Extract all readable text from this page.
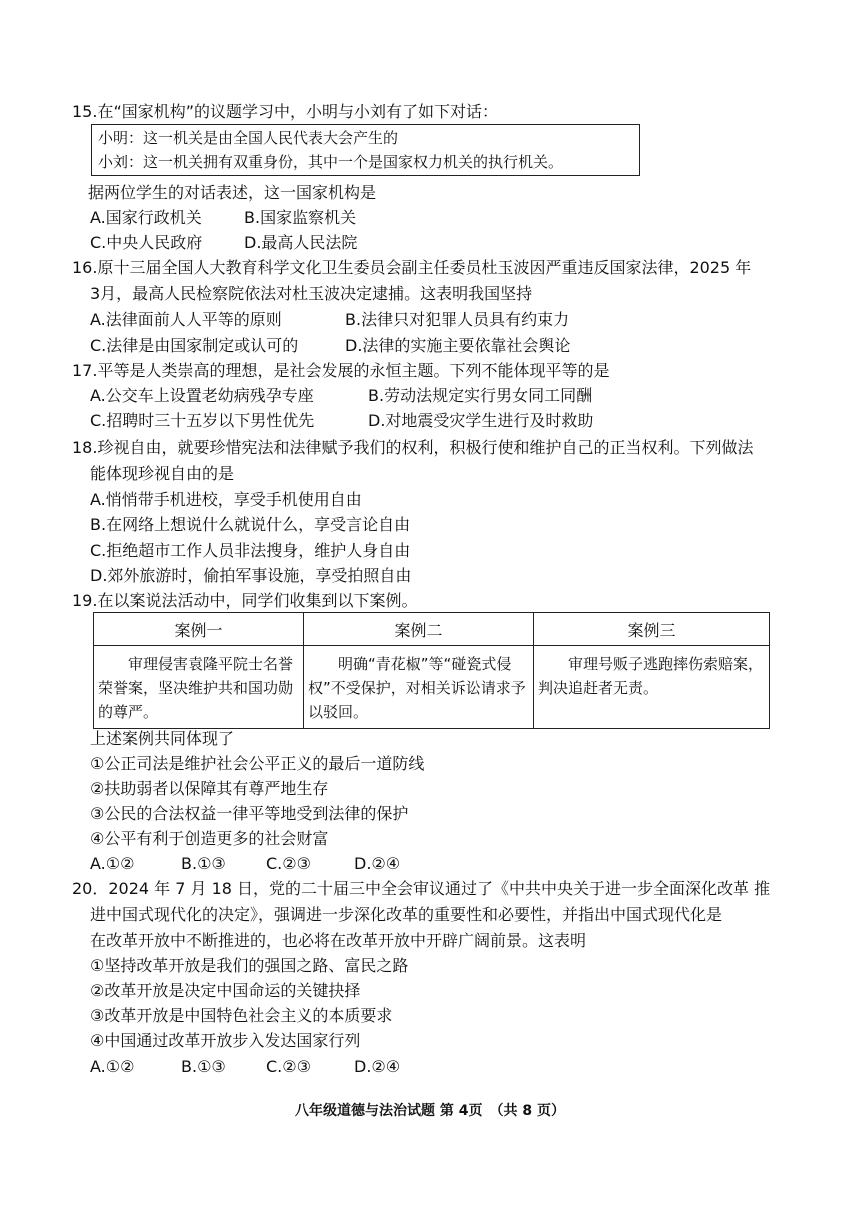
15.在“国家机构”的议题学习中，小明与小刘有了如下对话：
小明：这一机关是由全国人民代表大会产生的
小刘：这一机关拥有双重身份，其中一个是国家权力机关的执行机关。
据两位学生的对话表述，这一国家机构是
A.国家行政机关	B.国家监察机关
C.中央人民政府	D.最高人民法院
16.原十三届全国人大教育科学文化卫生委员会副主任委员杜玉波因严重违反国家法律，2025 年
3月，最高人民检察院依法对杜玉波决定逮捕。这表明我国坚持
A.法律面前人人平等的原则	B.法律只对犯罪人员具有约束力
C.法律是由国家制定或认可的	D.法律的实施主要依靠社会舆论
17.平等是人类崇高的理想，是社会发展的永恒主题。下列不能体现平等的是
A.公交车上设置老幼病残孕专座	B.劳动法规定实行男女同工同酬
C.招聘时三十五岁以下男性优先	D.对地震受灾学生进行及时救助
18.珍视自由，就要珍惜宪法和法律赋予我们的权利，积极行使和维护自己的正当权利。下列做法
能体现珍视自由的是
A.悄悄带手机进校，享受手机使用自由
B.在网络上想说什么就说什么，享受言论自由
C.拒绝超市工作人员非法搜身，维护人身自由
D.郊外旅游时，偷拍军事设施，享受拍照自由
19.在以案说法活动中，同学们收集到以下案例。
案例一	案例二	案例三
审理侵害袁隆平院士名誉荣誉案，坚决维护共和国功勋的尊严。	明确“青花椒”等“碰瓷式侵权”不受保护，对相关诉讼请求予以驳回。	审理号贩子逃跑摔伤索赔案，判决追赶者无责。
上述案例共同体现了
①公正司法是维护社会公平正义的最后一道防线
②扶助弱者以保障其有尊严地生存
③公民的合法权益一律平等地受到法律的保护
④公平有利于创造更多的社会财富
A.①②	B.①③	C.②③	D.②④
20．2024 年 7 月 18 日，党的二十届三中全会审议通过了《中共中央关于进一步全面深化改革 推
进中国式现代化的决定》，强调进一步深化改革的重要性和必要性，并指出中国式现代化是
在改革开放中不断推进的，也必将在改革开放中开辟广阔前景。这表明
①坚持改革开放是我们的强国之路、富民之路
②改革开放是决定中国命运的关键抉择
③改革开放是中国特色社会主义的本质要求
④中国通过改革开放步入发达国家行列
A.①②	B.①③	C.②③	D.②④
八年级道德与法治试题 第 4页　（共 8 页）
